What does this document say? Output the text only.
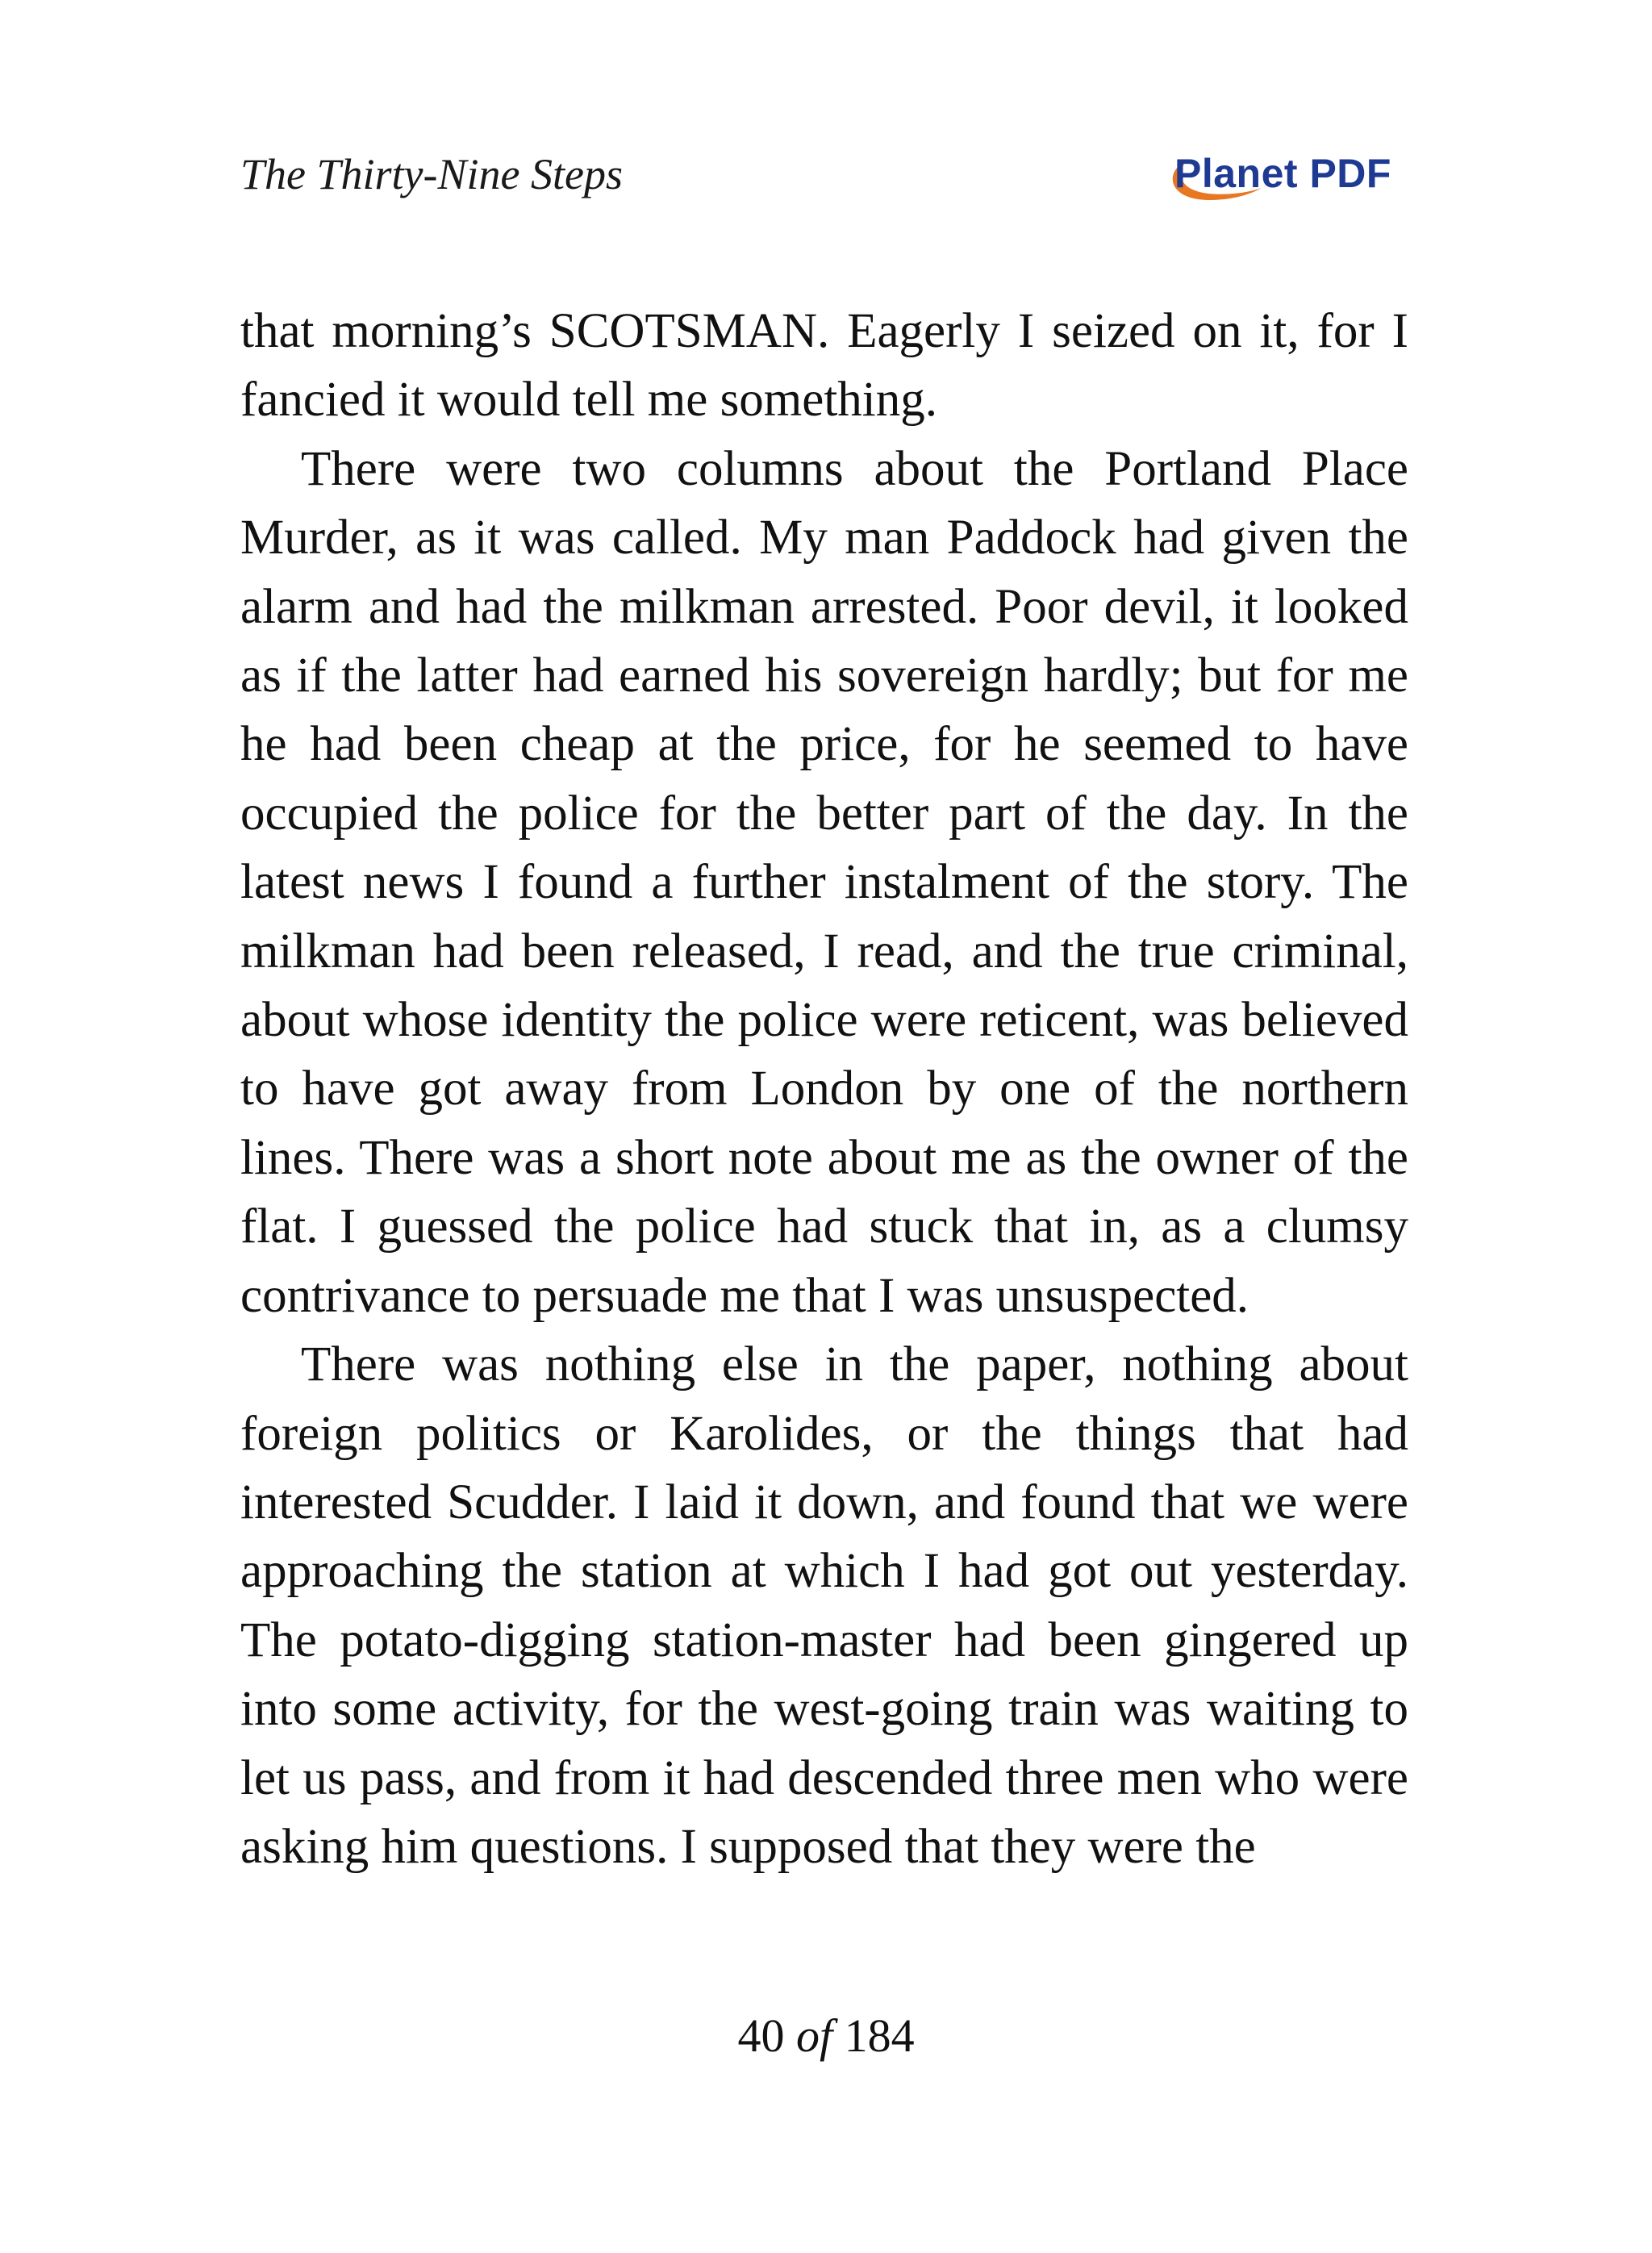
The Thirty-Nine Steps	Planet PDF

that morning’s SCOTSMAN. Eagerly I seized on it, for I fancied it would tell me something.

There were two columns about the Portland Place Murder, as it was called. My man Paddock had given the alarm and had the milkman arrested. Poor devil, it looked as if the latter had earned his sovereign hardly; but for me he had been cheap at the price, for he seemed to have occupied the police for the better part of the day. In the latest news I found a further instalment of the story. The milkman had been released, I read, and the true criminal, about whose identity the police were reticent, was believed to have got away from London by one of the northern lines. There was a short note about me as the owner of the flat. I guessed the police had stuck that in, as a clumsy contrivance to persuade me that I was unsuspected.

There was nothing else in the paper, nothing about foreign politics or Karolides, or the things that had interested Scudder. I laid it down, and found that we were approaching the station at which I had got out yesterday. The potato-digging station-master had been gingered up into some activity, for the west-going train was waiting to let us pass, and from it had descended three men who were asking him questions. I supposed that they were the

40 of 184
